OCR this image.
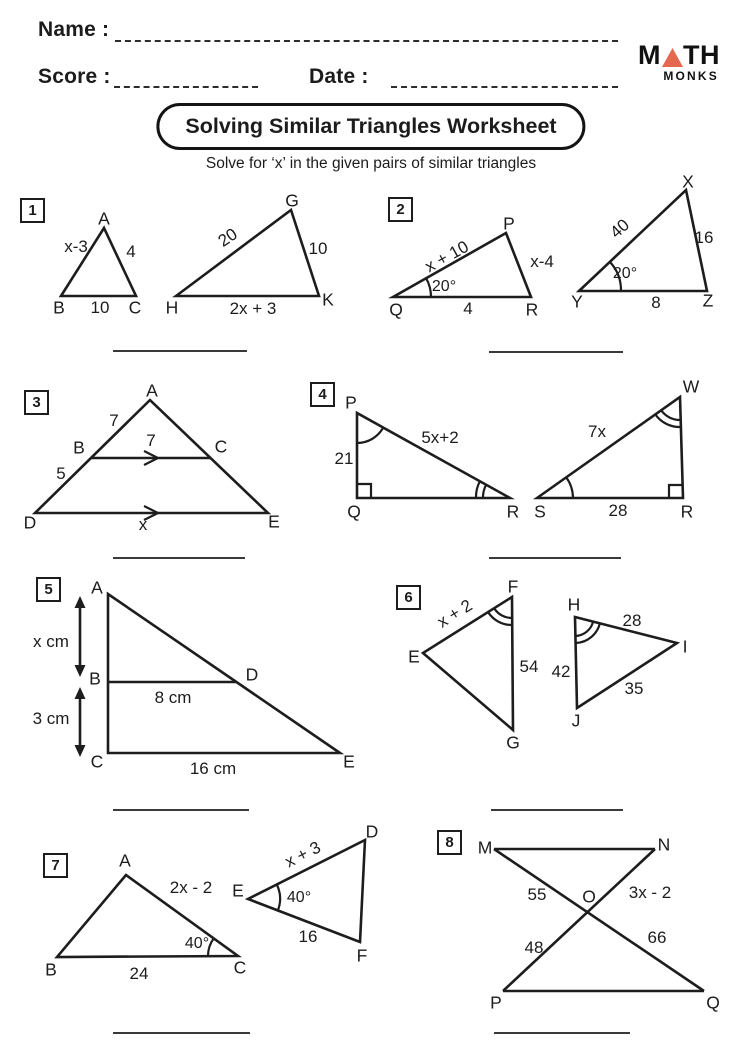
Name :
Score :	Date :
M TH
MONKS
Solving Similar Triangles Worksheet
Solve for ‘x’ in the given pairs of similar triangles
1	A
x-3 4
B 10 C
G
20	10
H	2x + 3	K
2
P
x + 10	x-4
20°
Q	4	R
X
40	16
20°
Y	8 Z
3
A
7
B	7	C
5
D	x	E
4	P
5x+2
21
Q	R
W
7x
S	28	R
5	A
x cm
B	D
8 cm
3 cm
C	16 cm	E
6
F
x + 2
E	54
G
H
28
I
42
35
J
7	A
2x - 2
40°
B	24	C
D
x + 3
E	40°
16
F
8	M	N
55 O 3x - 2
48
66
P	Q
